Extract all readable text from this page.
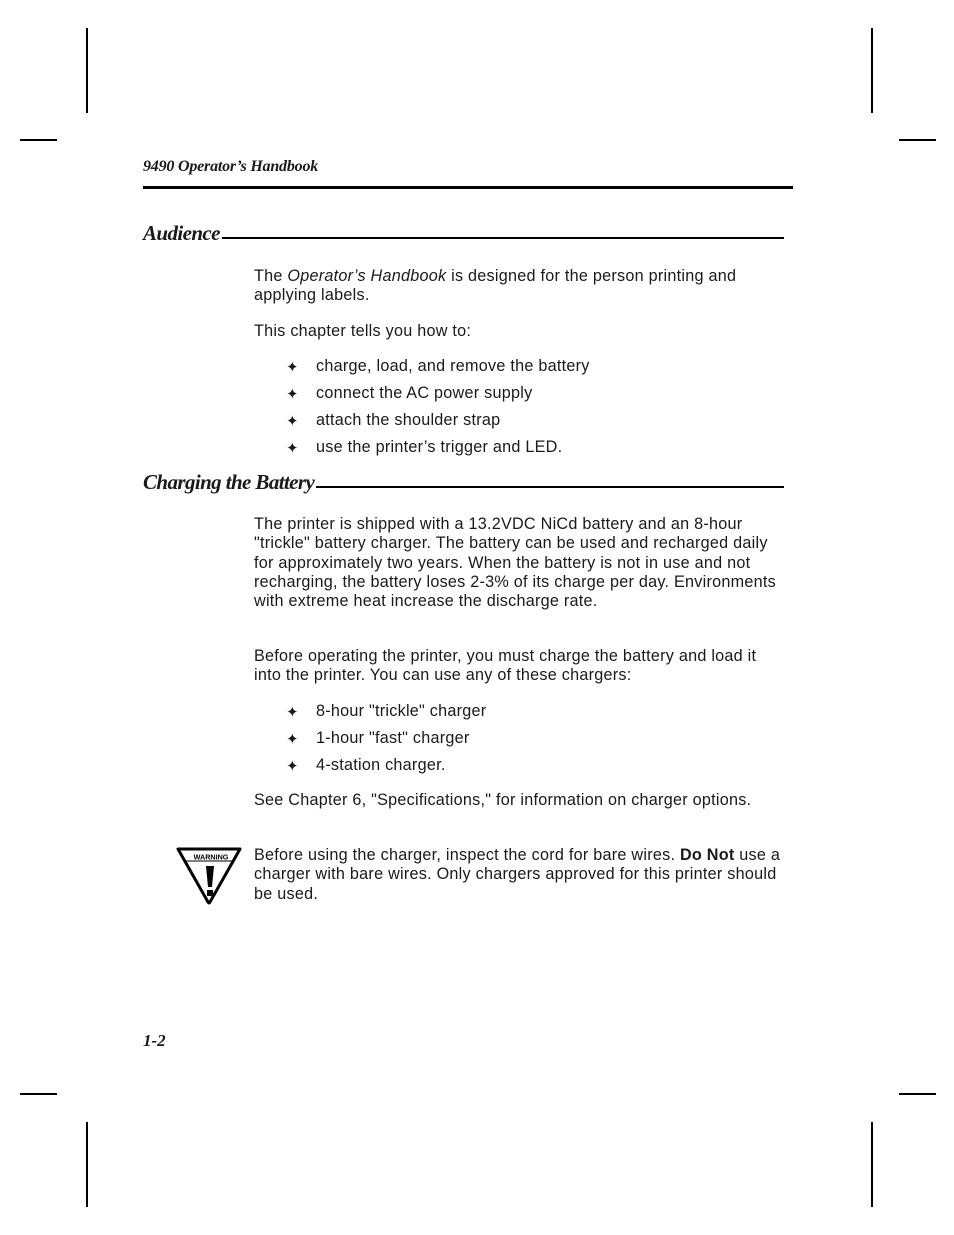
9490 Operator’s Handbook
Audience
The Operator’s Handbook is designed for the person printing and applying labels.
This chapter tells you how to:
✦ charge, load, and remove the battery
✦ connect the AC power supply
✦ attach the shoulder strap
✦ use the printer’s trigger and LED.
Charging the Battery
The printer is shipped with a 13.2VDC NiCd battery and an 8-hour "trickle" battery charger. The battery can be used and recharged daily for approximately two years. When the battery is not in use and not recharging, the battery loses 2-3% of its charge per day. Environments with extreme heat increase the discharge rate.
Before operating the printer, you must charge the battery and load it into the printer. You can use any of these chargers:
✦ 8-hour "trickle" charger
✦ 1-hour "fast" charger
✦ 4-station charger.
See Chapter 6, "Specifications," for information on charger options.
WARNING Before using the charger, inspect the cord for bare wires. Do Not use a charger with bare wires. Only chargers approved for this printer should be used.
1-2
